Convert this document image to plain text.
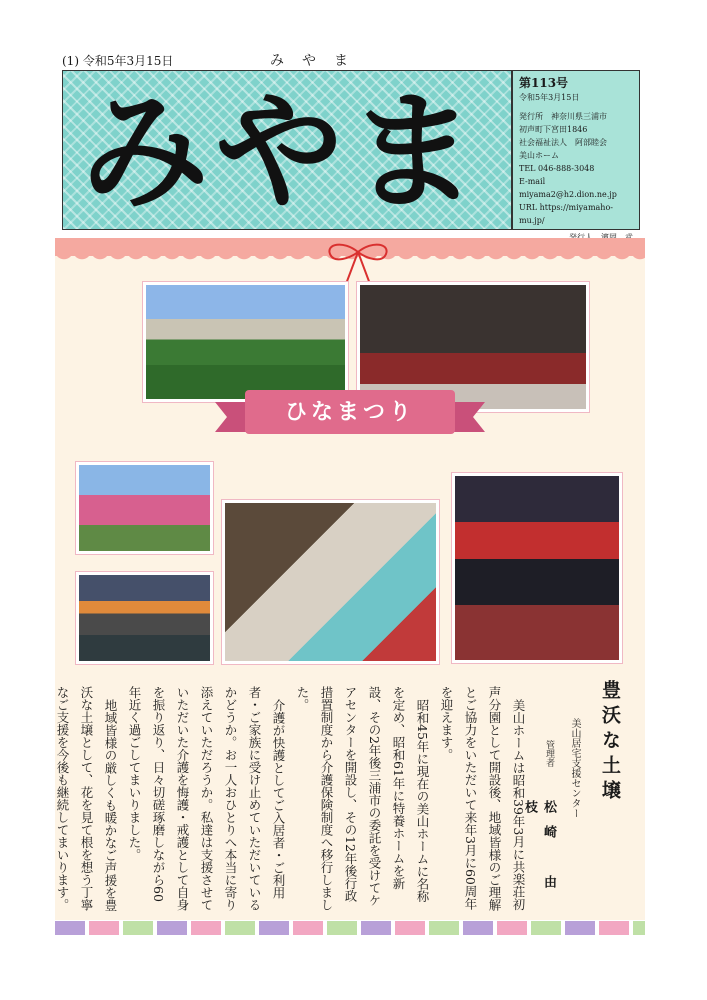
(1) 令和5年3月15日	みやま
みやま	第113号
令和5年3月15日
発行所　神奈川県三浦市
初声町下宮田1846
社会福祉法人　阿部睦会
美山ホーム
TEL 046-888-3048
E-mail miyama2@h2.dion.ne.jp
URL https://miyamaho-mu.jp/
ひなまつり
豊沃な土壌
美山居宅支援センター
管理者
松崎　由枝

美山ホームは昭和39年3月に共楽荘初声分園として開設後、地域皆様のご理解とご協力をいただいて来年3月に60周年を迎えます。

昭和45年に現在の美山ホームに名称を定め、昭和61年に特養ホームを新設、その2年後三浦市の委託を受けてケアセンターを開設し、その12年後行政措置制度から介護保険制度へ移行しました。

介護が快護としてご入居者・ご利用者・ご家族に受け止めていただいているかどうか。お一人おひとりへ本当に寄り添えていただろうか。私達は支援させていただいた介護を悔護・戒護として自身を振り返り、日々切磋琢磨しながら60年近く過ごしてまいりました。

地域皆様の厳しくも暖かなご声援を豊沃な土壌として、花を見て根を想う丁寧なご支援を今後も継続してまいります。
